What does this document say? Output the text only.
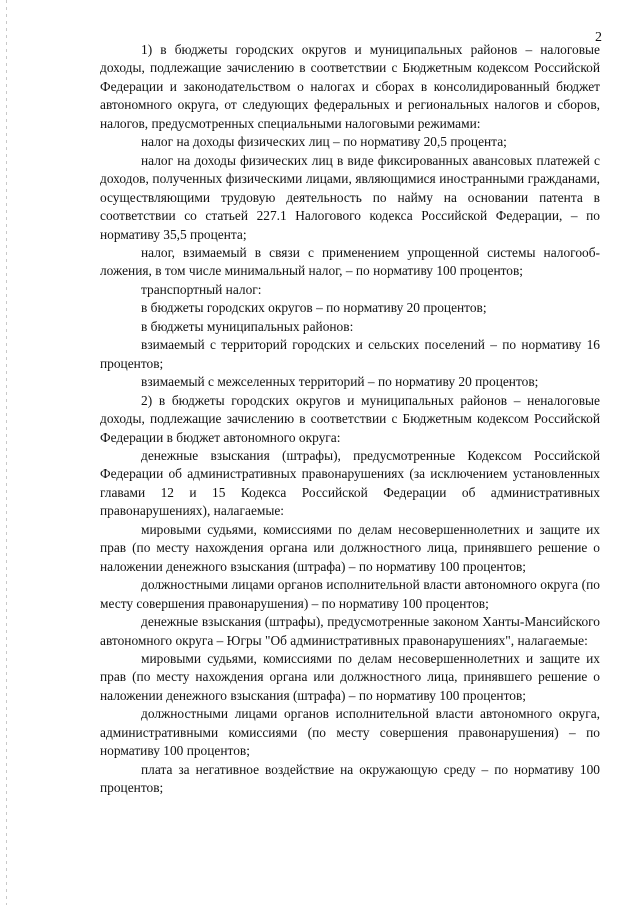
2

1) в бюджеты городских округов и муниципальных районов – налоговые доходы, подлежащие зачислению в соответствии с Бюджетным кодексом Российской Федерации и законодательством о налогах и сборах в консолидированный бюджет автономного округа, от следующих федеральных и региональных налогов и сборов, налогов, предусмотренных специальными налоговыми режимами:

налог на доходы физических лиц – по нормативу 20,5 процента;

налог на доходы физических лиц в виде фиксированных авансовых платежей с доходов, полученных физическими лицами, являющимися иностранными гражданами, осуществляющими трудовую деятельность по найму на основании патента в соответствии со статьей 227.1 Налогового кодекса Российской Федерации, – по нормативу 35,5 процента;

налог, взимаемый в связи с применением упрощенной системы налогообложения, в том числе минимальный налог, – по нормативу 100 процентов;

транспортный налог:

в бюджеты городских округов – по нормативу 20 процентов;

в бюджеты муниципальных районов:

взимаемый с территорий городских и сельских поселений – по нормативу 16 процентов;

взимаемый с межселенных территорий – по нормативу 20 процентов;

2) в бюджеты городских округов и муниципальных районов – неналоговые доходы, подлежащие зачислению в соответствии с Бюджетным кодексом Российской Федерации в бюджет автономного округа:

денежные взыскания (штрафы), предусмотренные Кодексом Российской Федерации об административных правонарушениях (за исключением установленных главами 12 и 15 Кодекса Российской Федерации об административных правонарушениях), налагаемые:

мировыми судьями, комиссиями по делам несовершеннолетних и защите их прав (по месту нахождения органа или должностного лица, принявшего решение о наложении денежного взыскания (штрафа) – по нормативу 100 процентов;

должностными лицами органов исполнительной власти автономного округа (по месту совершения правонарушения) – по нормативу 100 процентов;

денежные взыскания (штрафы), предусмотренные законом Ханты-Мансийского автономного округа – Югры "Об административных правонарушениях", налагаемые:

мировыми судьями, комиссиями по делам несовершеннолетних и защите их прав (по месту нахождения органа или должностного лица, принявшего решение о наложении денежного взыскания (штрафа) – по нормативу 100 процентов;

должностными лицами органов исполнительной власти автономного округа, административными комиссиями (по месту совершения правонарушения) – по нормативу 100 процентов;

плата за негативное воздействие на окружающую среду – по нормативу 100 процентов;
